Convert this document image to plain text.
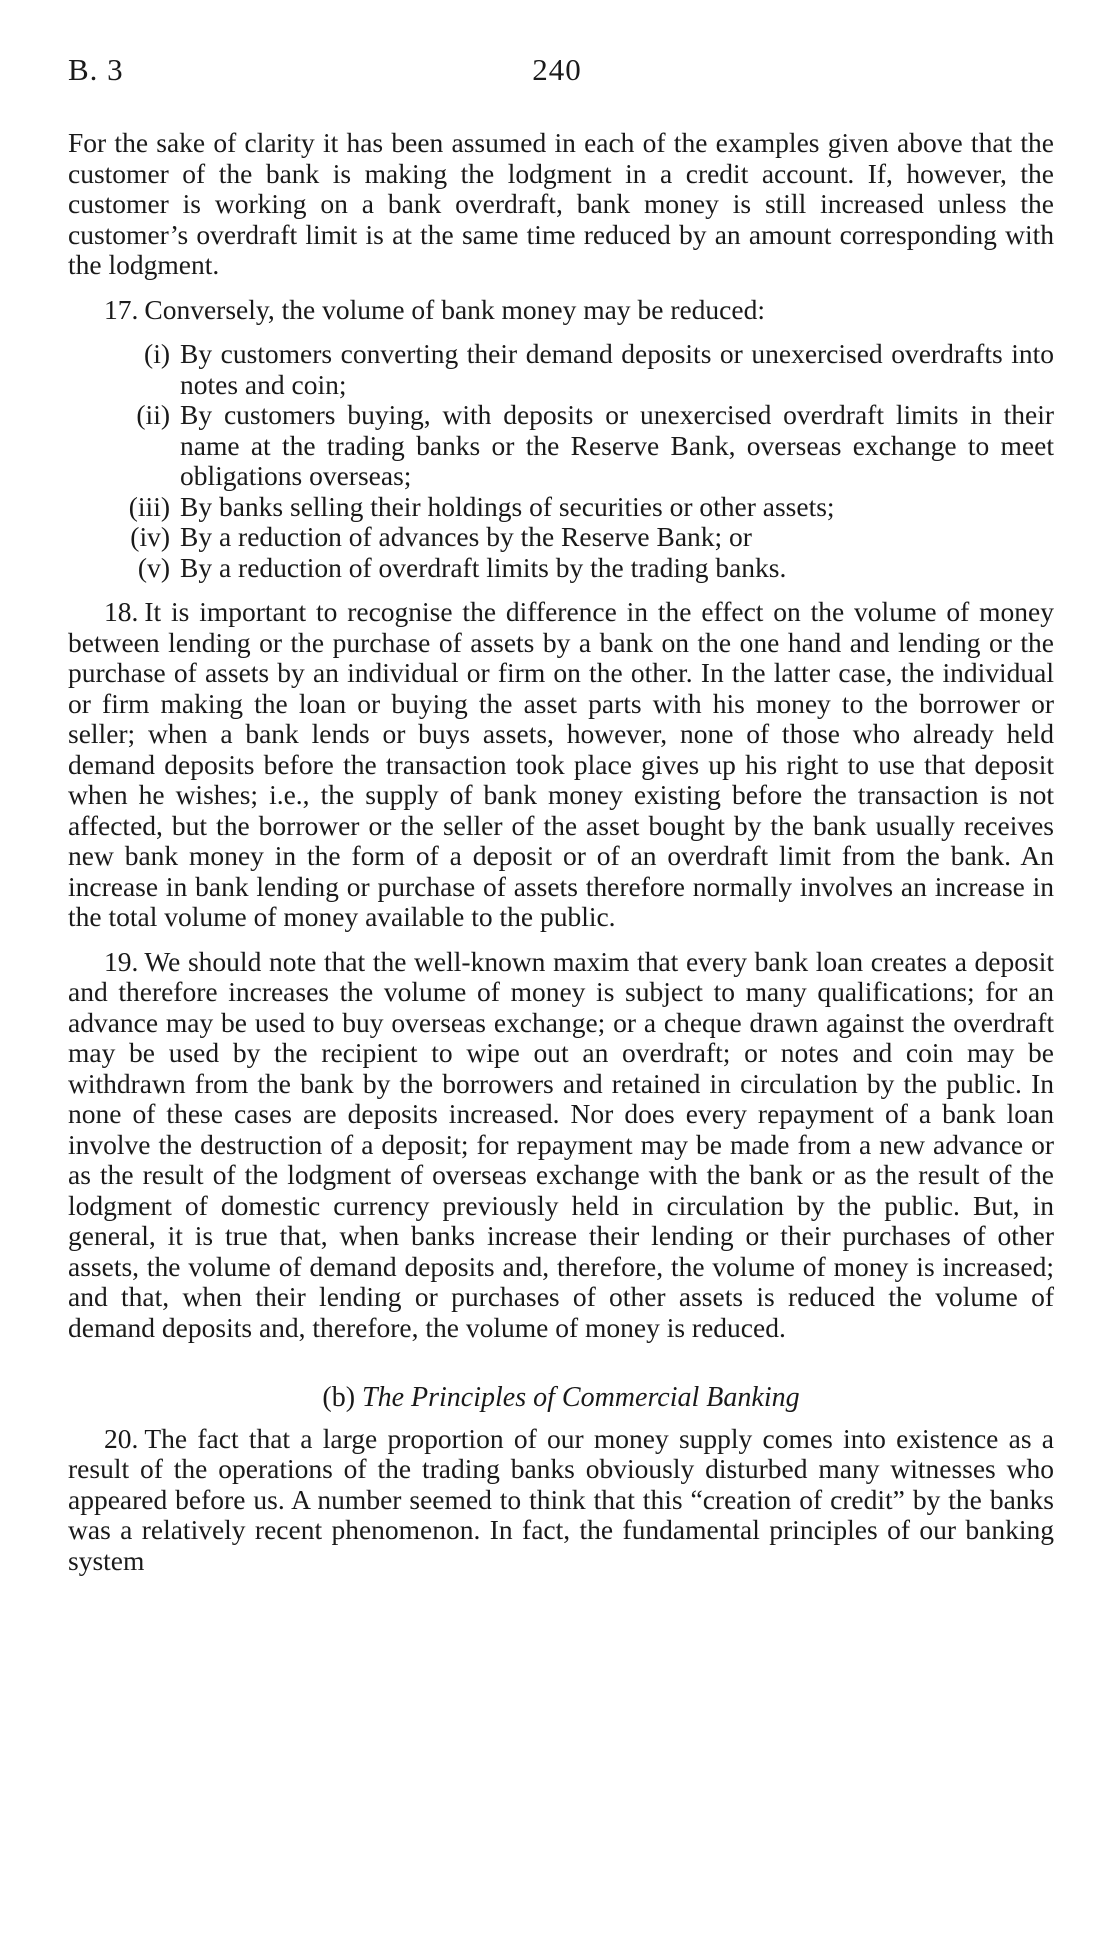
B. 3	240

For the sake of clarity it has been assumed in each of the examples given above that the customer of the bank is making the lodgment in a credit account. If, however, the customer is working on a bank overdraft, bank money is still increased unless the customer’s overdraft limit is at the same time reduced by an amount corresponding with the lodgment.

17. Conversely, the volume of bank money may be reduced:

(i) By customers converting their demand deposits or unexercised overdrafts into notes and coin;
(ii) By customers buying, with deposits or unexercised overdraft limits in their name at the trading banks or the Reserve Bank, overseas exchange to meet obligations overseas;
(iii) By banks selling their holdings of securities or other assets;
(iv) By a reduction of advances by the Reserve Bank; or
(v) By a reduction of overdraft limits by the trading banks.

18. It is important to recognise the difference in the effect on the volume of money between lending or the purchase of assets by a bank on the one hand and lending or the purchase of assets by an individual or firm on the other. In the latter case, the individual or firm making the loan or buying the asset parts with his money to the borrower or seller; when a bank lends or buys assets, however, none of those who already held demand deposits before the transaction took place gives up his right to use that deposit when he wishes; i.e., the supply of bank money existing before the transaction is not affected, but the borrower or the seller of the asset bought by the bank usually receives new bank money in the form of a deposit or of an overdraft limit from the bank. An increase in bank lending or purchase of assets therefore normally involves an increase in the total volume of money available to the public.

19. We should note that the well-known maxim that every bank loan creates a deposit and therefore increases the volume of money is subject to many qualifications; for an advance may be used to buy overseas exchange; or a cheque drawn against the overdraft may be used by the recipient to wipe out an overdraft; or notes and coin may be withdrawn from the bank by the borrowers and retained in circulation by the public. In none of these cases are deposits increased. Nor does every repayment of a bank loan involve the destruction of a deposit; for repayment may be made from a new advance or as the result of the lodgment of overseas exchange with the bank or as the result of the lodgment of domestic currency previously held in circulation by the public. But, in general, it is true that, when banks increase their lending or their purchases of other assets, the volume of demand deposits and, therefore, the volume of money is increased; and that, when their lending or purchases of other assets is reduced the volume of demand deposits and, therefore, the volume of money is reduced.

(b) The Principles of Commercial Banking

20. The fact that a large proportion of our money supply comes into existence as a result of the operations of the trading banks obviously disturbed many witnesses who appeared before us. A number seemed to think that this “creation of credit” by the banks was a relatively recent phenomenon. In fact, the fundamental principles of our banking system
